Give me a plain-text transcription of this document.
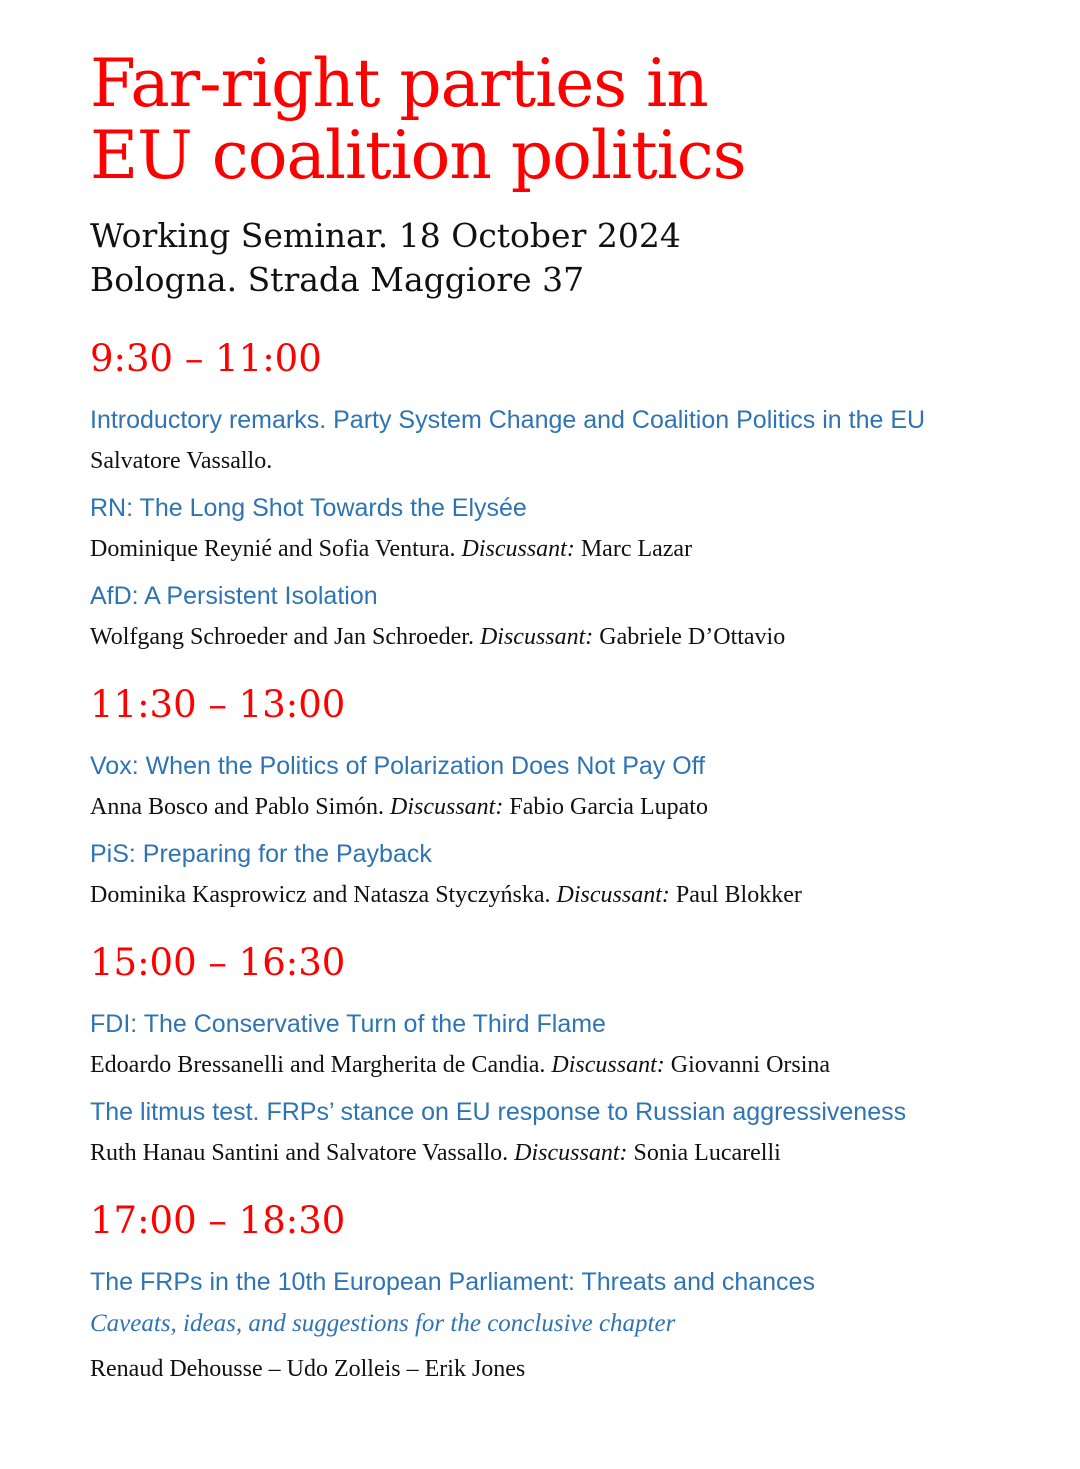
Far-right parties in
EU coalition politics
Working Seminar. 18 October 2024
Bologna. Strada Maggiore 37
9:30 – 11:00
Introductory remarks. Party System Change and Coalition Politics in the EU
Salvatore Vassallo.
RN: The Long Shot Towards the Elysée
Dominique Reynié and Sofia Ventura. Discussant: Marc Lazar
AfD: A Persistent Isolation
Wolfgang Schroeder and Jan Schroeder. Discussant: Gabriele D’Ottavio
11:30 – 13:00
Vox: When the Politics of Polarization Does Not Pay Off
Anna Bosco and Pablo Simón. Discussant: Fabio Garcia Lupato
PiS: Preparing for the Payback
Dominika Kasprowicz and Natasza Styczyńska. Discussant: Paul Blokker
15:00 – 16:30
FDI: The Conservative Turn of the Third Flame
Edoardo Bressanelli and Margherita de Candia. Discussant: Giovanni Orsina
The litmus test. FRPs’ stance on EU response to Russian aggressiveness
Ruth Hanau Santini and Salvatore Vassallo. Discussant: Sonia Lucarelli
17:00 – 18:30
The FRPs in the 10th European Parliament: Threats and chances
Caveats, ideas, and suggestions for the conclusive chapter
Renaud Dehousse – Udo Zolleis – Erik Jones
